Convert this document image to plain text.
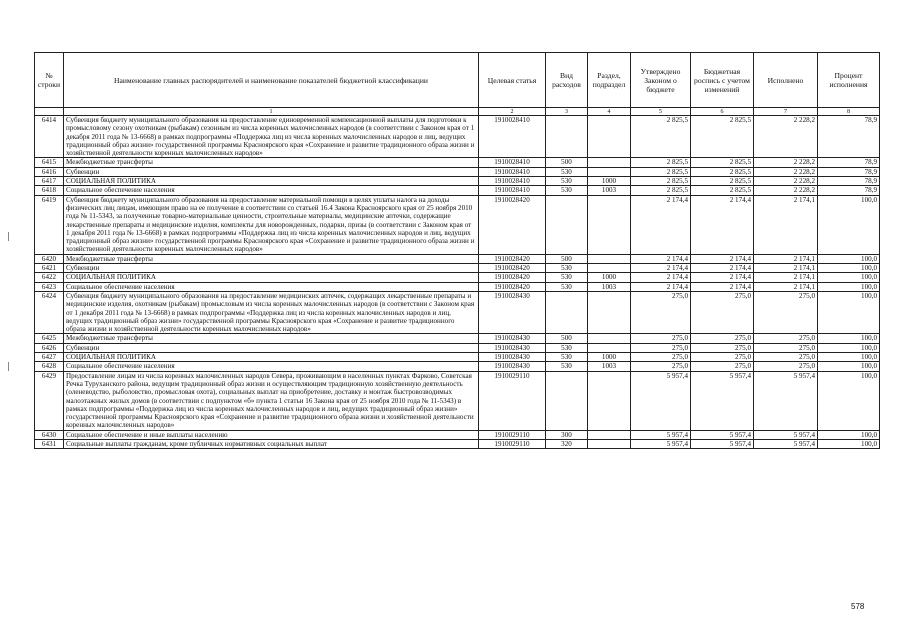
№ строки	Наименование главных распорядителей и наименование показателей бюджетной классификации	Целевая статья	Вид расходов	Раздел, подраздел	Утверждено Законом о бюджете	Бюджетная роспись с учетом изменений	Исполнено	Процент исполнения
	1	2	3	4	5	6	7	8
6414	Субвенция бюджету муниципального образования на предоставление единовременной компенсационной выплаты для подготовки к промысловому сезону охотникам (рыбакам) сезонным из числа коренных малочисленных народов (в соответствии с Законом края от 1 декабря 2011 года № 13-6668) в рамках подпрограммы «Поддержка лиц из числа коренных малочисленных народов и лиц, ведущих традиционный образ жизни» государственной программы Красноярского края «Сохранение и развитие традиционного образа жизни и хозяйственной деятельности коренных малочисленных народов»	1910028410			2 825,5	2 825,5	2 228,2	78,9
6415	Межбюджетные трансферты	1910028410	500		2 825,5	2 825,5	2 228,2	78,9
6416	Субвенции	1910028410	530		2 825,5	2 825,5	2 228,2	78,9
6417	СОЦИАЛЬНАЯ ПОЛИТИКА	1910028410	530	1000	2 825,5	2 825,5	2 228,2	78,9
6418	Социальное обеспечение населения	1910028410	530	1003	2 825,5	2 825,5	2 228,2	78,9
6419	Субвенция бюджету муниципального образования на предоставление материальной помощи в целях уплаты налога на доходы физических лиц лицам, имеющим право на ее получение в соответствии со статьей 16.4 Закона Красноярского края от 25 ноября 2010 года № 11-5343, за полученные товарно-материальные ценности, строительные материалы, медицинские аптечки, содержащие лекарственные препараты и медицинские изделия, комплекты для новорожденных, подарки, призы (в соответствии с Законом края от 1 декабря 2011 года № 13-6668) в рамках подпрограммы «Поддержка лиц из числа коренных малочисленных народов и лиц, ведущих традиционный образ жизни» государственной программы Красноярского края «Сохранение и развитие традиционного образа жизни и хозяйственной деятельности коренных малочисленных народов»	1910028420			2 174,4	2 174,4	2 174,1	100,0
6420	Межбюджетные трансферты	1910028420	500		2 174,4	2 174,4	2 174,1	100,0
6421	Субвенции	1910028420	530		2 174,4	2 174,4	2 174,1	100,0
6422	СОЦИАЛЬНАЯ ПОЛИТИКА	1910028420	530	1000	2 174,4	2 174,4	2 174,1	100,0
6423	Социальное обеспечение населения	1910028420	530	1003	2 174,4	2 174,4	2 174,1	100,0
6424	Субвенция бюджету муниципального образования на предоставление медицинских аптечек, содержащих лекарственные препараты и медицинские изделия, охотникам (рыбакам) промысловым из числа коренных малочисленных народов (в соответствии с Законом края от 1 декабря 2011 года № 13-6668) в рамках подпрограммы «Поддержка лиц из числа коренных малочисленных народов и лиц, ведущих традиционный образ жизни» государственной программы Красноярского края «Сохранение и развитие традиционного образа жизни и хозяйственной деятельности коренных малочисленных народов»	1910028430			275,0	275,0	275,0	100,0
6425	Межбюджетные трансферты	1910028430	500		275,0	275,0	275,0	100,0
6426	Субвенции	1910028430	530		275,0	275,0	275,0	100,0
6427	СОЦИАЛЬНАЯ ПОЛИТИКА	1910028430	530	1000	275,0	275,0	275,0	100,0
6428	Социальное обеспечение населения	1910028430	530	1003	275,0	275,0	275,0	100,0
6429	Предоставление лицам из числа коренных малочисленных народов Севера, проживающим в населенных пунктах Фарково, Советская Речка Туруханского района, ведущим традиционный образ жизни и осуществляющим традиционную хозяйственную деятельность (оленеводство, рыболовство, промысловая охота), социальных выплат на приобретение, доставку и монтаж быстровозводимых малоэтажных жилых домов (в соответствии с подпунктом «б» пункта 1 статьи 16 Закона края от 25 ноября 2010 года № 11-5343) в рамках подпрограммы «Поддержка лиц из числа коренных малочисленных народов и лиц, ведущих традиционный образ жизни» государственной программы Красноярского края «Сохранение и развитие традиционного образа жизни и хозяйственной деятельности коренных малочисленных народов»	1910029110			5 957,4	5 957,4	5 957,4	100,0
6430	Социальное обеспечение и иные выплаты населению	1910029110	300		5 957,4	5 957,4	5 957,4	100,0
6431	Социальные выплаты гражданам, кроме публичных нормативных социальных выплат	1910029110	320		5 957,4	5 957,4	5 957,4	100,0
578
